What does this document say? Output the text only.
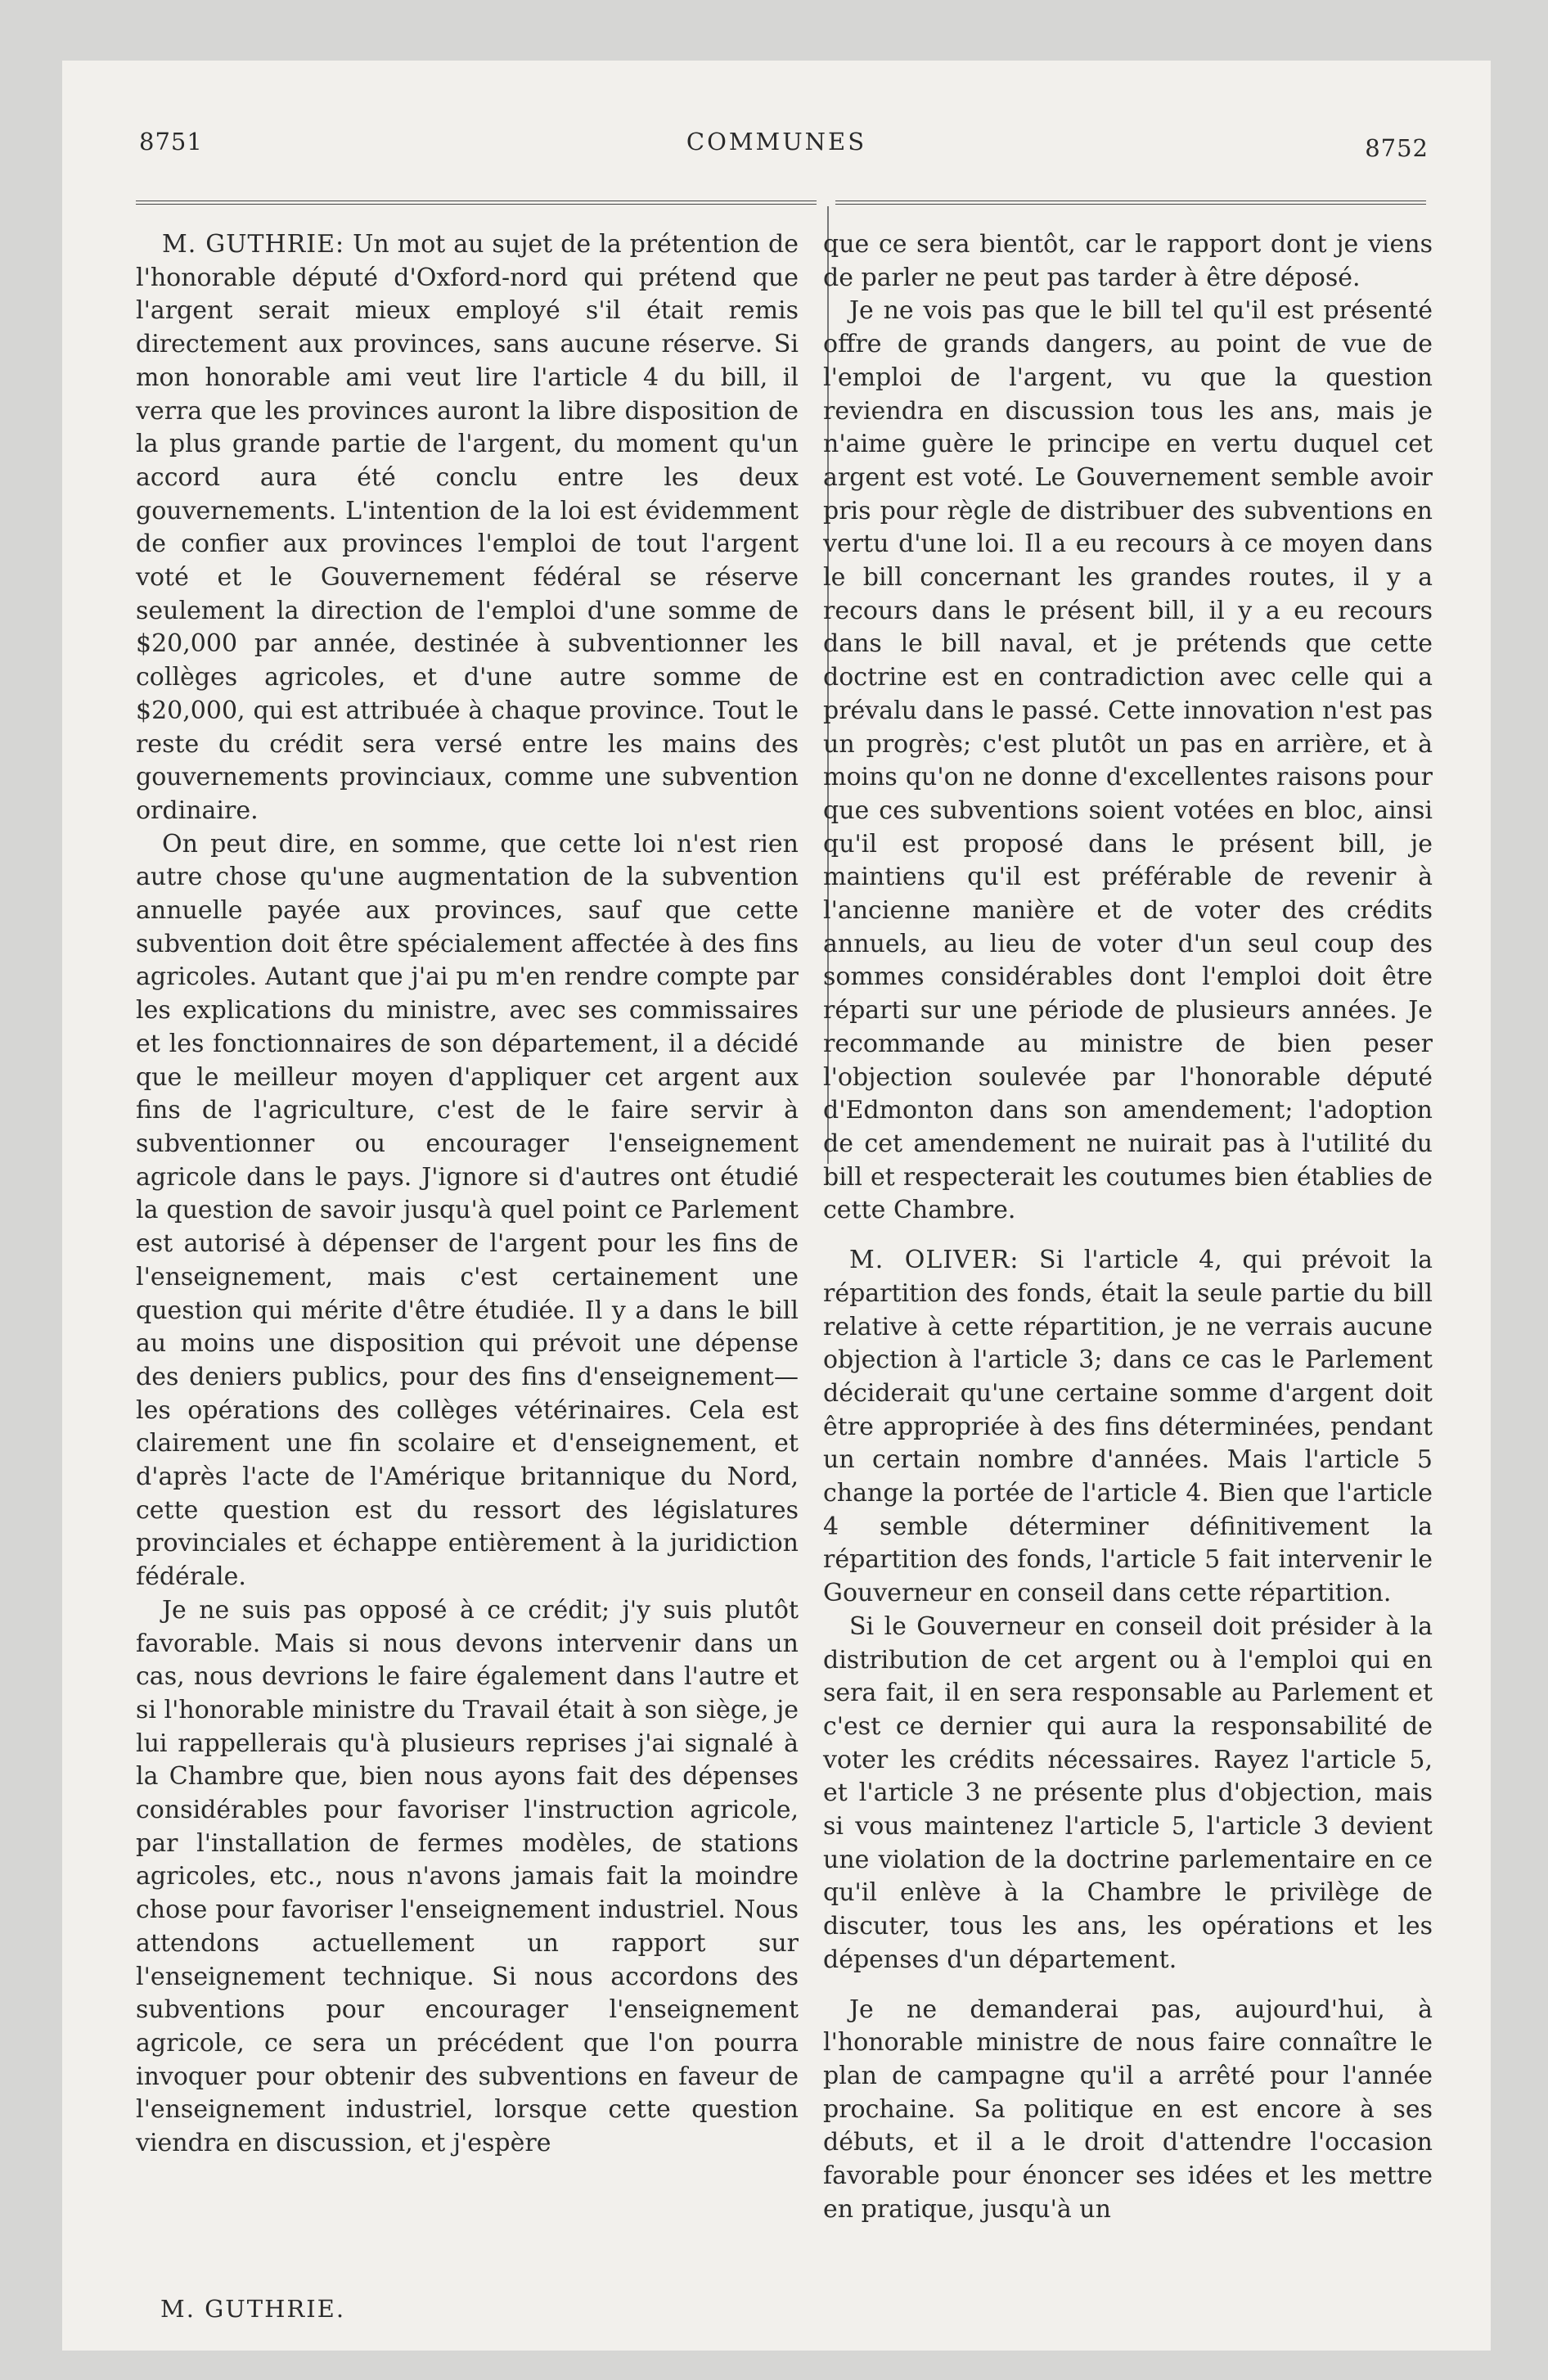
8751	COMMUNES	8752

M. GUTHRIE: Un mot au sujet de la prétention de l'honorable député d'Oxford-nord qui prétend que l'argent serait mieux employé s'il était remis directement aux provinces, sans aucune réserve. Si mon honorable ami veut lire l'article 4 du bill, il verra que les provinces auront la libre disposition de la plus grande partie de l'argent, du moment qu'un accord aura été conclu entre les deux gouvernements. L'intention de la loi est évidemment de confier aux provinces l'emploi de tout l'argent voté et le Gouvernement fédéral se réserve seulement la direction de l'emploi d'une somme de $20,000 par année, destinée à subventionner les collèges agricoles, et d'une autre somme de $20,000, qui est attribuée à chaque province. Tout le reste du crédit sera versé entre les mains des gouvernements provinciaux, comme une subvention ordinaire.

On peut dire, en somme, que cette loi n'est rien autre chose qu'une augmentation de la subvention annuelle payée aux provinces, sauf que cette subvention doit être spécialement affectée à des fins agricoles. Autant que j'ai pu m'en rendre compte par les explications du ministre, avec ses commissaires et les fonctionnaires de son département, il a décidé que le meilleur moyen d'appliquer cet argent aux fins de l'agriculture, c'est de le faire servir à subventionner ou encourager l'enseignement agricole dans le pays. J'ignore si d'autres ont étudié la question de savoir jusqu'à quel point ce Parlement est autorisé à dépenser de l'argent pour les fins de l'enseignement, mais c'est certainement une question qui mérite d'être étudiée. Il y a dans le bill au moins une disposition qui prévoit une dépense des deniers publics, pour des fins d'enseignement—les opérations des collèges vétérinaires. Cela est clairement une fin scolaire et d'enseignement, et d'après l'acte de l'Amérique britannique du Nord, cette question est du ressort des législatures provinciales et échappe entièrement à la juridiction fédérale.

Je ne suis pas opposé à ce crédit; j'y suis plutôt favorable. Mais si nous devons intervenir dans un cas, nous devrions le faire également dans l'autre et si l'honorable ministre du Travail était à son siège, je lui rappellerais qu'à plusieurs reprises j'ai signalé à la Chambre que, bien nous ayons fait des dépenses considérables pour favoriser l'instruction agricole, par l'installation de fermes modèles, de stations agricoles, etc., nous n'avons jamais fait la moindre chose pour favoriser l'enseignement industriel. Nous attendons actuellement un rapport sur l'enseignement technique. Si nous accordons des subventions pour encourager l'enseignement agricole, ce sera un précédent que l'on pourra invoquer pour obtenir des subventions en faveur de l'enseignement industriel, lorsque cette question viendra en discussion, et j'espère

que ce sera bientôt, car le rapport dont je viens de parler ne peut pas tarder à être déposé.

Je ne vois pas que le bill tel qu'il est présenté offre de grands dangers, au point de vue de l'emploi de l'argent, vu que la question reviendra en discussion tous les ans, mais je n'aime guère le principe en vertu duquel cet argent est voté. Le Gouvernement semble avoir pris pour règle de distribuer des subventions en vertu d'une loi. Il a eu recours à ce moyen dans le bill concernant les grandes routes, il y a recours dans le présent bill, il y a eu recours dans le bill naval, et je prétends que cette doctrine est en contradiction avec celle qui a prévalu dans le passé. Cette innovation n'est pas un progrès; c'est plutôt un pas en arrière, et à moins qu'on ne donne d'excellentes raisons pour que ces subventions soient votées en bloc, ainsi qu'il est proposé dans le présent bill, je maintiens qu'il est préférable de revenir à l'ancienne manière et de voter des crédits annuels, au lieu de voter d'un seul coup des sommes considérables dont l'emploi doit être réparti sur une période de plusieurs années. Je recommande au ministre de bien peser l'objection soulevée par l'honorable député d'Edmonton dans son amendement; l'adoption de cet amendement ne nuirait pas à l'utilité du bill et respecterait les coutumes bien établies de cette Chambre.

M. OLIVER: Si l'article 4, qui prévoit la répartition des fonds, était la seule partie du bill relative à cette répartition, je ne verrais aucune objection à l'article 3; dans ce cas le Parlement déciderait qu'une certaine somme d'argent doit être appropriée à des fins déterminées, pendant un certain nombre d'années. Mais l'article 5 change la portée de l'article 4. Bien que l'article 4 semble déterminer définitivement la répartition des fonds, l'article 5 fait intervenir le Gouverneur en conseil dans cette répartition.

Si le Gouverneur en conseil doit présider à la distribution de cet argent ou à l'emploi qui en sera fait, il en sera responsable au Parlement et c'est ce dernier qui aura la responsabilité de voter les crédits nécessaires. Rayez l'article 5, et l'article 3 ne présente plus d'objection, mais si vous maintenez l'article 5, l'article 3 devient une violation de la doctrine parlementaire en ce qu'il enlève à la Chambre le privilège de discuter, tous les ans, les opérations et les dépenses d'un département.

Je ne demanderai pas, aujourd'hui, à l'honorable ministre de nous faire connaître le plan de campagne qu'il a arrêté pour l'année prochaine. Sa politique en est encore à ses débuts, et il a le droit d'attendre l'occasion favorable pour énoncer ses idées et les mettre en pratique, jusqu'à un

M. GUTHRIE.
